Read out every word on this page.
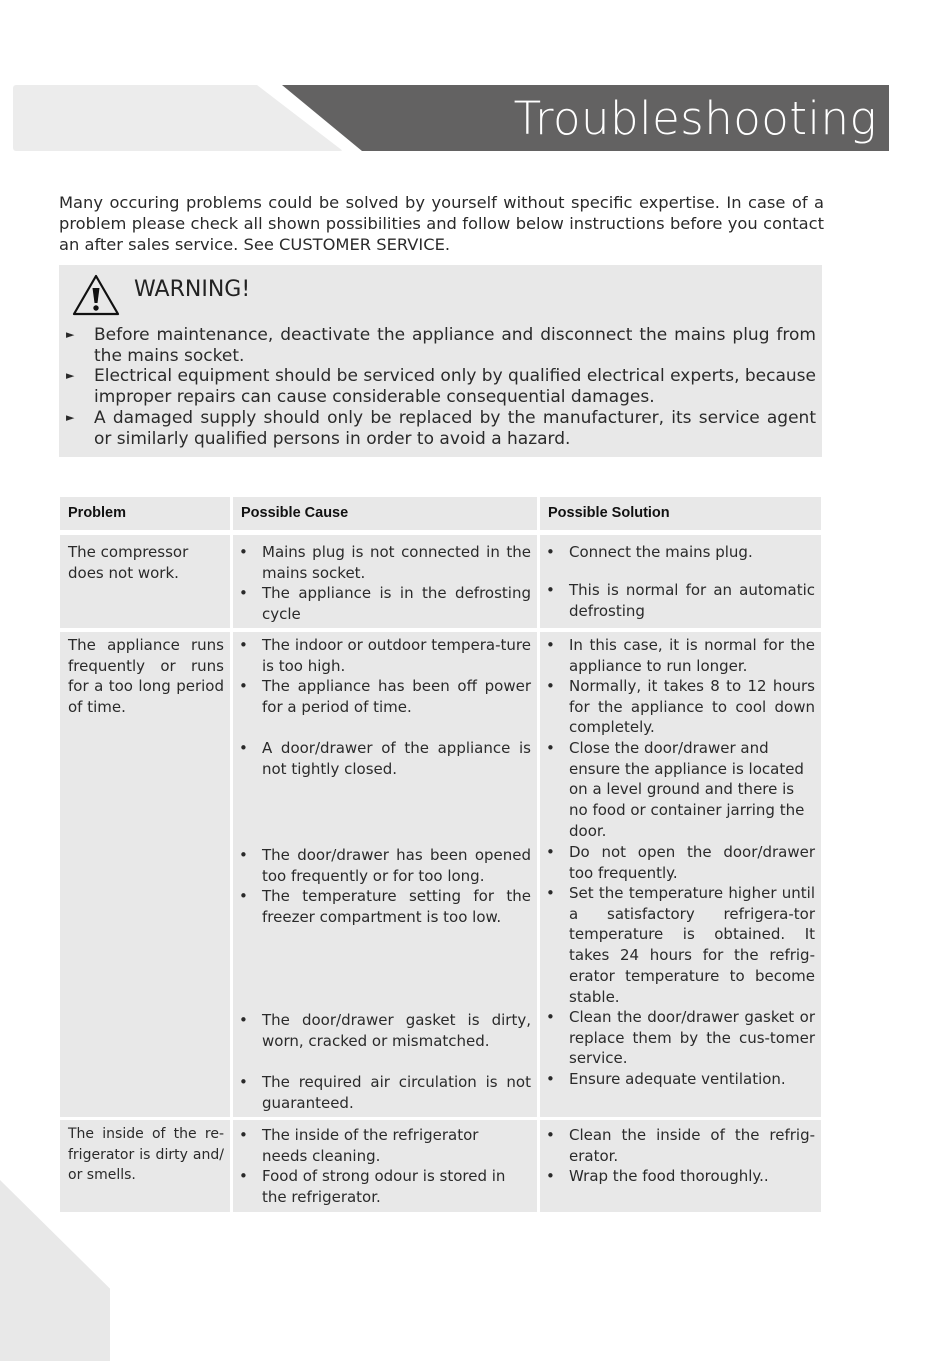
Troubleshooting

Many occuring problems could be solved by yourself without specific expertise. In case of a problem please check all shown possibilities and follow below instructions before you contact an after sales service. See CUSTOMER SERVICE.

WARNING!
► Before maintenance, deactivate the appliance and disconnect the mains plug from the mains socket.
► Electrical equipment should be serviced only by qualified electrical experts, because improper repairs can cause considerable consequential damages.
► A damaged supply should only be replaced by the manufacturer, its service agent or similarly qualified persons in order to avoid a hazard.
Problem	Possible Cause	Possible Solution

The compressor does not work.

• Mains plug is not connected in the mains socket.
• The appliance is in the defrosting cycle
• Connect the mains plug.
• This is normal for an automatic defrosting

The appliance runs frequently or runs for a too long period of time.

• The indoor or outdoor tempera-ture is too high.
• The appliance has been off power for a period of time.
• A door/drawer of the appliance is not tightly closed.
• The door/drawer has been opened too frequently or for too long.
• The temperature setting for the freezer compartment is too low.
• The door/drawer gasket is dirty, worn, cracked or mismatched.
• The required air circulation is not guaranteed.
• In this case, it is normal for the appliance to run longer.
• Normally, it takes 8 to 12 hours for the appliance to cool down completely.
• Close the door/drawer and ensure the appliance is located on a level ground and there is no food or container jarring the door.
• Do not open the door/drawer too frequently.
• Set the temperature higher until a satisfactory refrigera-tor temperature is obtained. It takes 24 hours for the refrig-erator temperature to become stable.
• Clean the door/drawer gasket or replace them by the cus-tomer service.
• Ensure adequate ventilation.

The inside of the re-frigerator is dirty and/ or smells.

• The inside of the refrigerator needs cleaning.
• Food of strong odour is stored in the refrigerator.
• Clean the inside of the refrig-erator.
• Wrap the food thoroughly..
